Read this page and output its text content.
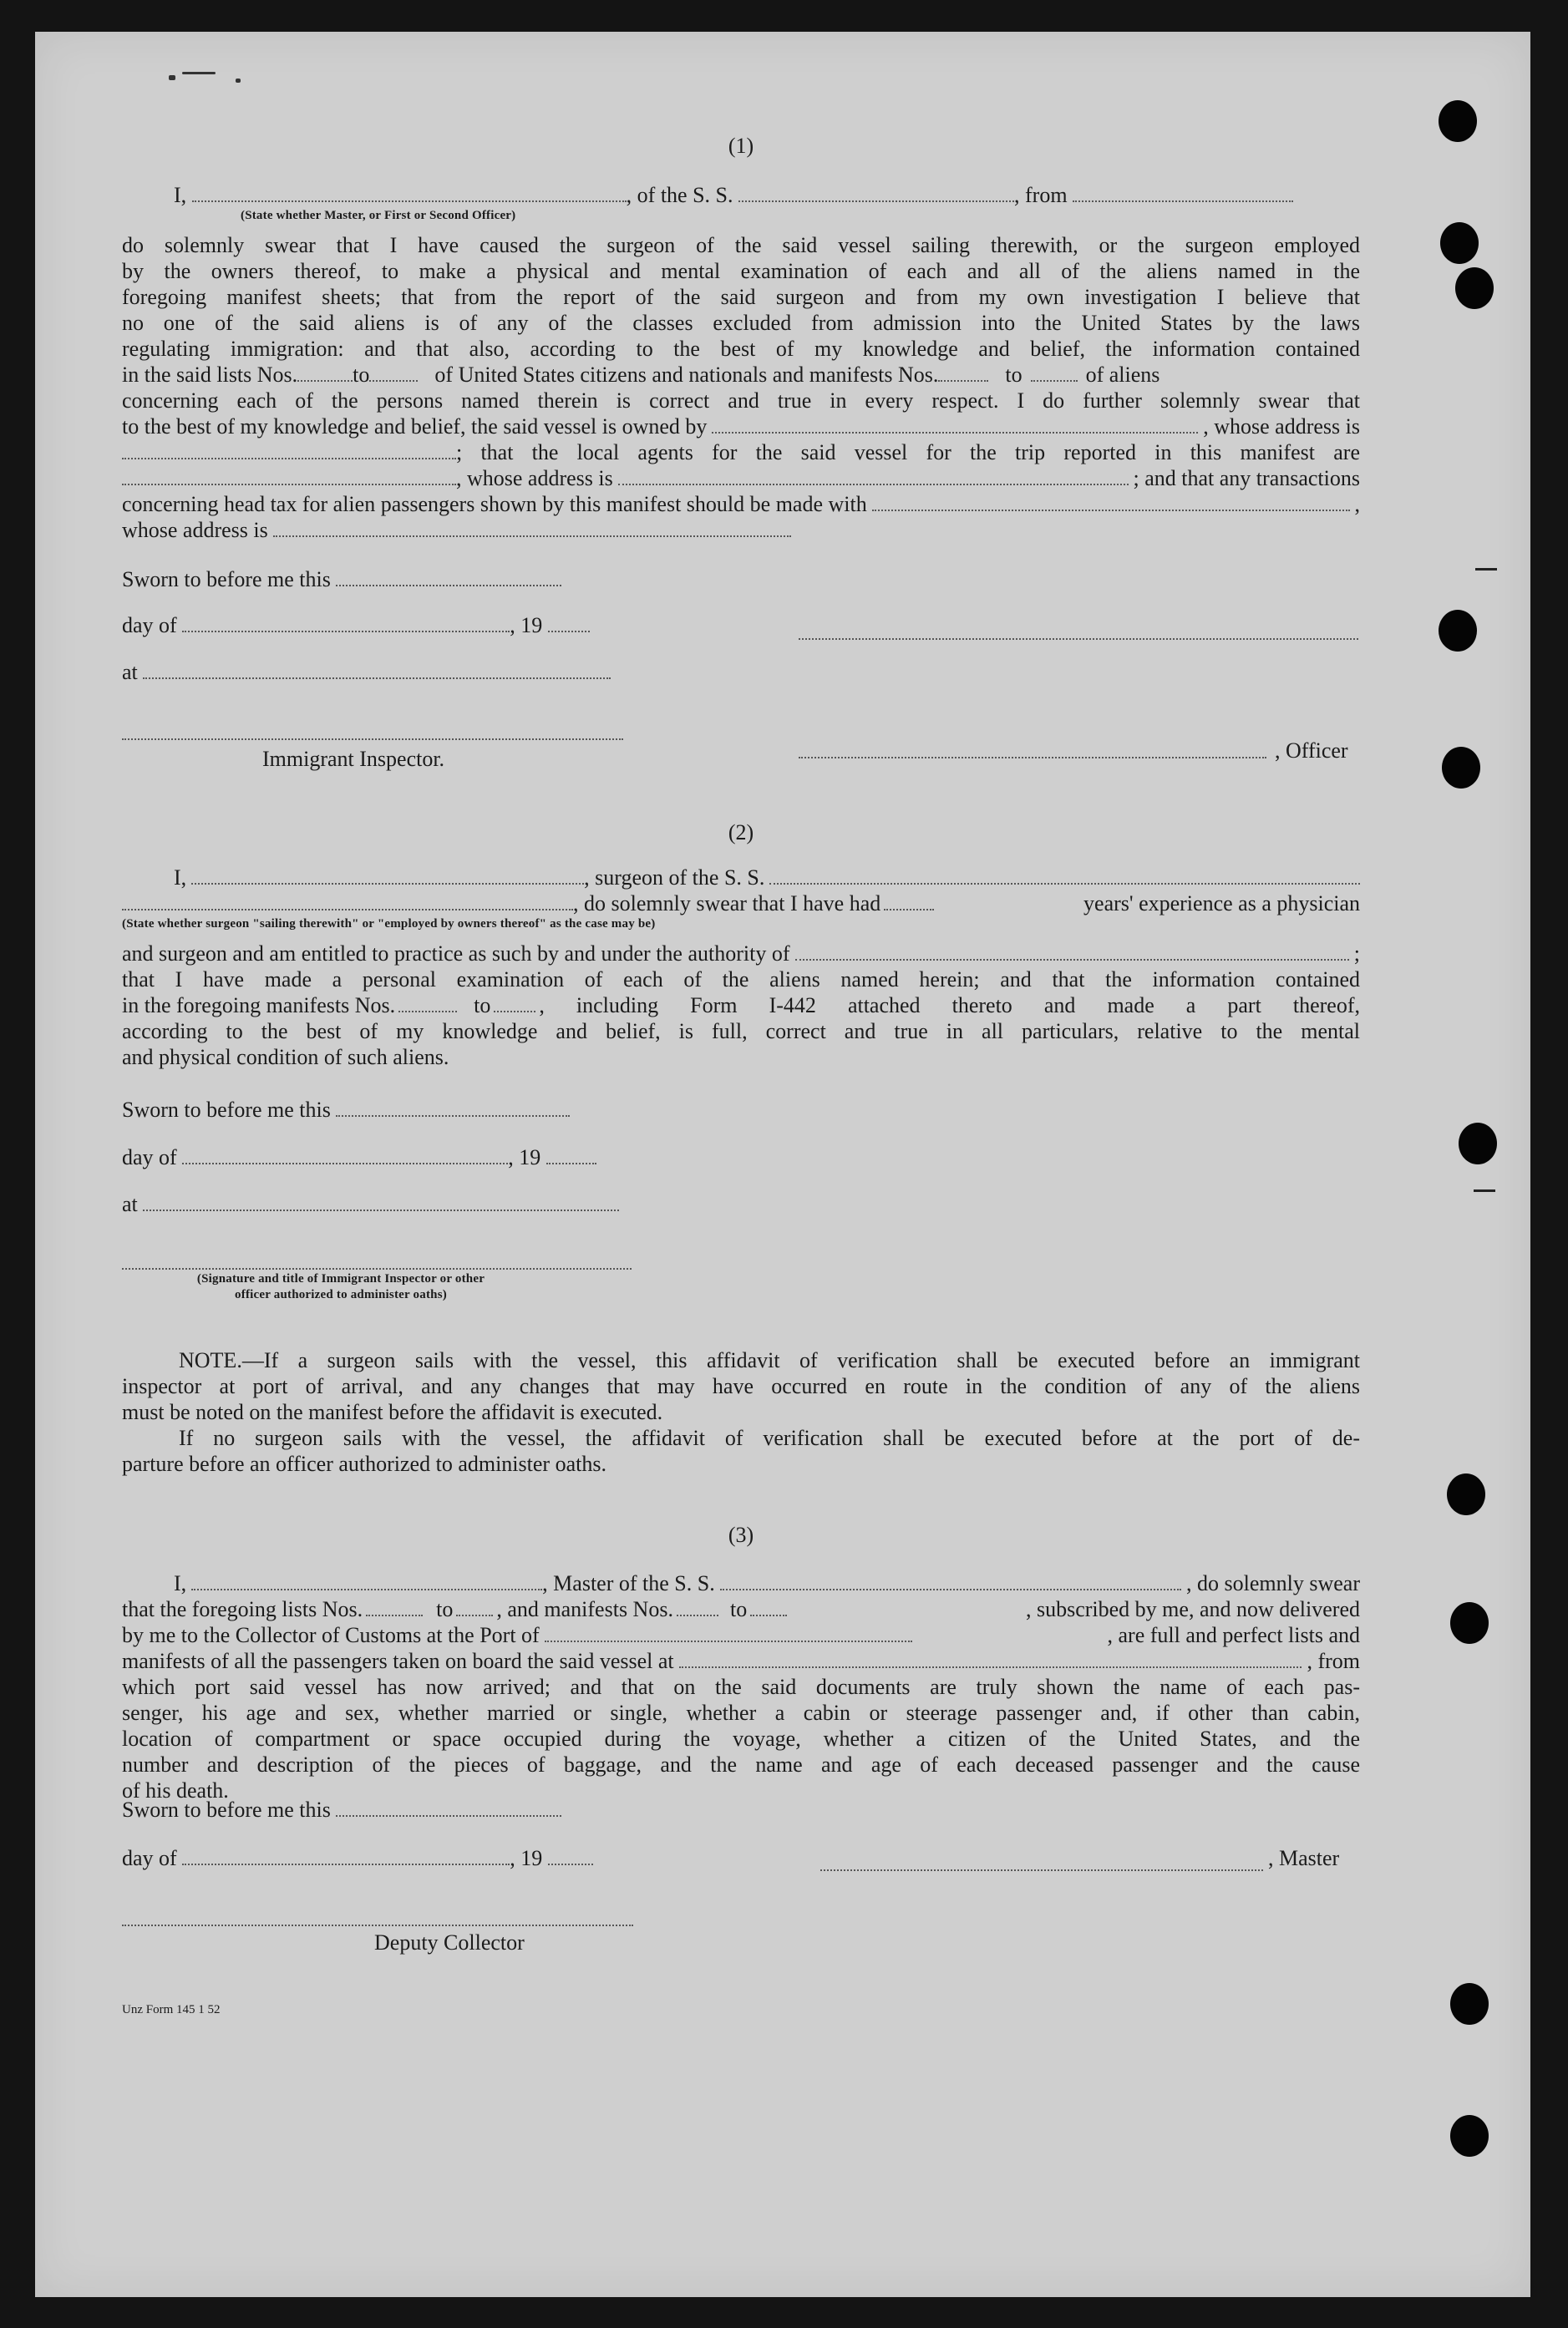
(1)
I,	, of the S. S.	, from
(State whether Master, or First or Second Officer)
do solemnly swear that I have caused the surgeon of the said vessel sailing therewith, or the surgeon employed
by the owners thereof, to make a physical and mental examination of each and all of the aliens named in the
foregoing manifest sheets; that from the report of the said surgeon and from my own investigation I believe that
no one of the said aliens is of any of the classes excluded from admission into the United States by the laws
regulating immigration: and that also, according to the best of my knowledge and belief, the information contained
in the said lists Nos.	to	of United States citizens and nationals and manifests Nos.	to	of aliens
concerning each of the persons named therein is correct and true in every respect. I do further solemnly swear that
to the best of my knowledge and belief, the said vessel is owned by	, whose address is
; that the local agents for the said vessel for the trip reported in this manifest are
, whose address is	; and that any transactions
concerning head tax for alien passengers shown by this manifest should be made with	,
whose address is
Sworn to before me this
day of	, 19
at
Immigrant Inspector.	, Officer
(2)
I,	, surgeon of the S. S.
, do solemnly swear that I have had	years' experience as a physician
(State whether surgeon "sailing therewith" or "employed by owners thereof" as the case may be)
and surgeon and am entitled to practice as such by and under the authority of	;
that I have made a personal examination of each of the aliens named herein; and that the information contained
in the foregoing manifests Nos.	to , including Form I-442 attached thereto and made a part thereof,
according to the best of my knowledge and belief, is full, correct and true in all particulars, relative to the mental
and physical condition of such aliens.
Sworn to before me this
day of	, 19
at
(Signature and title of Immigrant Inspector or other
officer authorized to administer oaths)
NOTE.—If a surgeon sails with the vessel, this affidavit of verification shall be executed before an immigrant
inspector at port of arrival, and any changes that may have occurred en route in the condition of any of the aliens
must be noted on the manifest before the affidavit is executed.
If no surgeon sails with the vessel, the affidavit of verification shall be executed before at the port of de-
parture before an officer authorized to administer oaths.
(3)
I,	, Master of the S. S.	, do solemnly swear
that the foregoing lists Nos.	to , and manifests Nos.	to	, subscribed by me, and now delivered
by me to the Collector of Customs at the Port of	, are full and perfect lists and
manifests of all the passengers taken on board the said vessel at	, from
which port said vessel has now arrived; and that on the said documents are truly shown the name of each pas-
senger, his age and sex, whether married or single, whether a cabin or steerage passenger and, if other than cabin,
location of compartment or space occupied during the voyage, whether a citizen of the United States, and the
number and description of the pieces of baggage, and the name and age of each deceased passenger and the cause
of his death.
Sworn to before me this
day of	, 19	, Master
Deputy Collector
Unz Form 145 1 52
